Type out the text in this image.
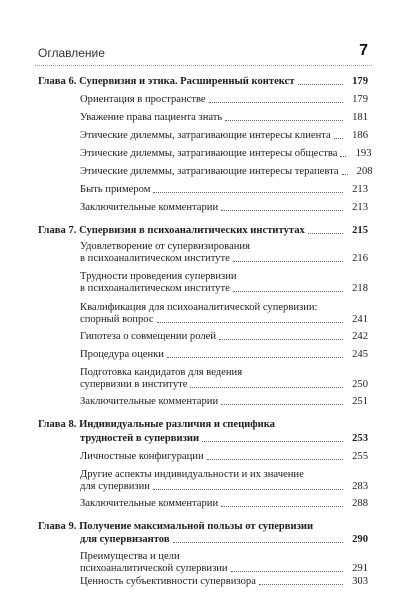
Оглавление	7
Глава 6. Супервизия и этика. Расширенный контекст	179
Ориентация в пространстве	179
Уважение права пациента знать	181
Этические дилеммы, затрагивающие интересы клиента	186
Этические дилеммы, затрагивающие интересы общества	193
Этические дилеммы, затрагивающие интересы терапевта	208
Быть примером	213
Заключительные комментарии	213
Глава 7. Супервизия в психоаналитических институтах	215
Удовлетворение от супервизирования
в психоаналитическом институте	216
Трудности проведения супервизии
в психоаналитическом институте	218
Квалификация для психоаналитической супервизии:
спорный вопрос	241
Гипотеза о совмещении ролей	242
Процедура оценки	245
Подготовка кандидатов для ведения
супервизии в институте	250
Заключительные комментарии	251
Глава 8. Индивидуальные различия и специфика
трудностей в супервизии	253
Личностные конфигурации	255
Другие аспекты индивидуальности и их значение
для супервизии	283
Заключительные комментарии	288
Глава 9. Получение максимальной пользы от супервизии
для супервизантов	290
Преимущества и цели
психоаналитической супервизии	291
Ценность субъективности супервизора	303
